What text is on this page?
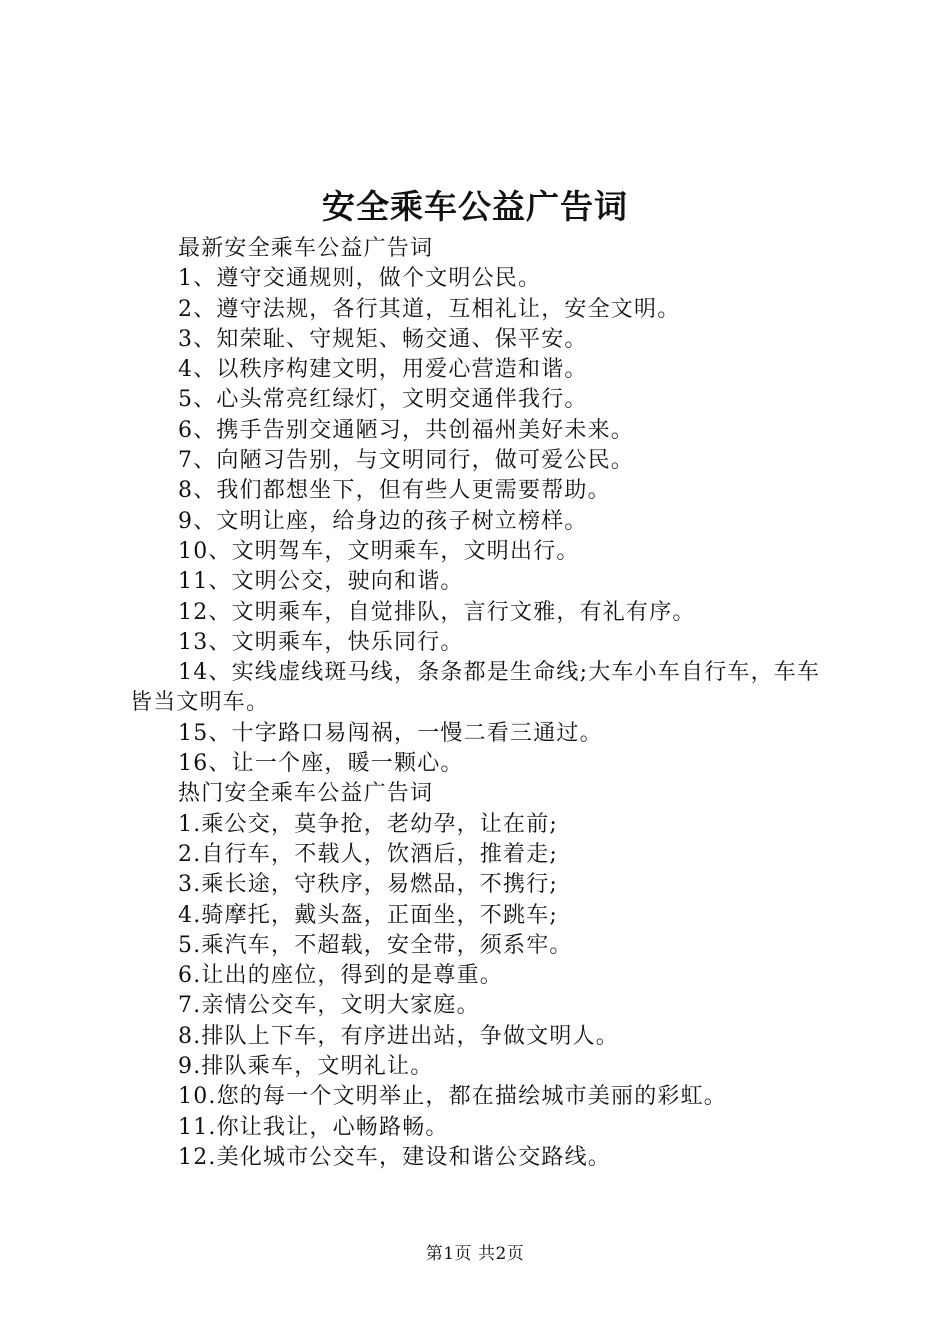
安全乘车公益广告词

最新安全乘车公益广告词

1、遵守交通规则，做个文明公民。

2、遵守法规，各行其道，互相礼让，安全文明。

3、知荣耻、守规矩、畅交通、保平安。

4、以秩序构建文明，用爱心营造和谐。

5、心头常亮红绿灯，文明交通伴我行。

6、携手告别交通陋习，共创福州美好未来。

7、向陋习告别，与文明同行，做可爱公民。

8、我们都想坐下，但有些人更需要帮助。

9、文明让座，给身边的孩子树立榜样。

10、文明驾车，文明乘车，文明出行。

11、文明公交，驶向和谐。

12、文明乘车，自觉排队，言行文雅，有礼有序。

13、文明乘车，快乐同行。

14、实线虚线斑马线，条条都是生命线;大车小车自行车，车车皆当文明车。

15、十字路口易闯祸，一慢二看三通过。

16、让一个座，暖一颗心。

热门安全乘车公益广告词

1.乘公交，莫争抢，老幼孕，让在前;

2.自行车，不载人，饮酒后，推着走;

3.乘长途，守秩序，易燃品，不携行;

4.骑摩托，戴头盔，正面坐，不跳车;

5.乘汽车，不超载，安全带，须系牢。

6.让出的座位，得到的是尊重。

7.亲情公交车，文明大家庭。

8.排队上下车，有序进出站，争做文明人。

9.排队乘车，文明礼让。

10.您的每一个文明举止，都在描绘城市美丽的彩虹。

11.你让我让，心畅路畅。

12.美化城市公交车，建设和谐公交路线。

第1页 共2页
